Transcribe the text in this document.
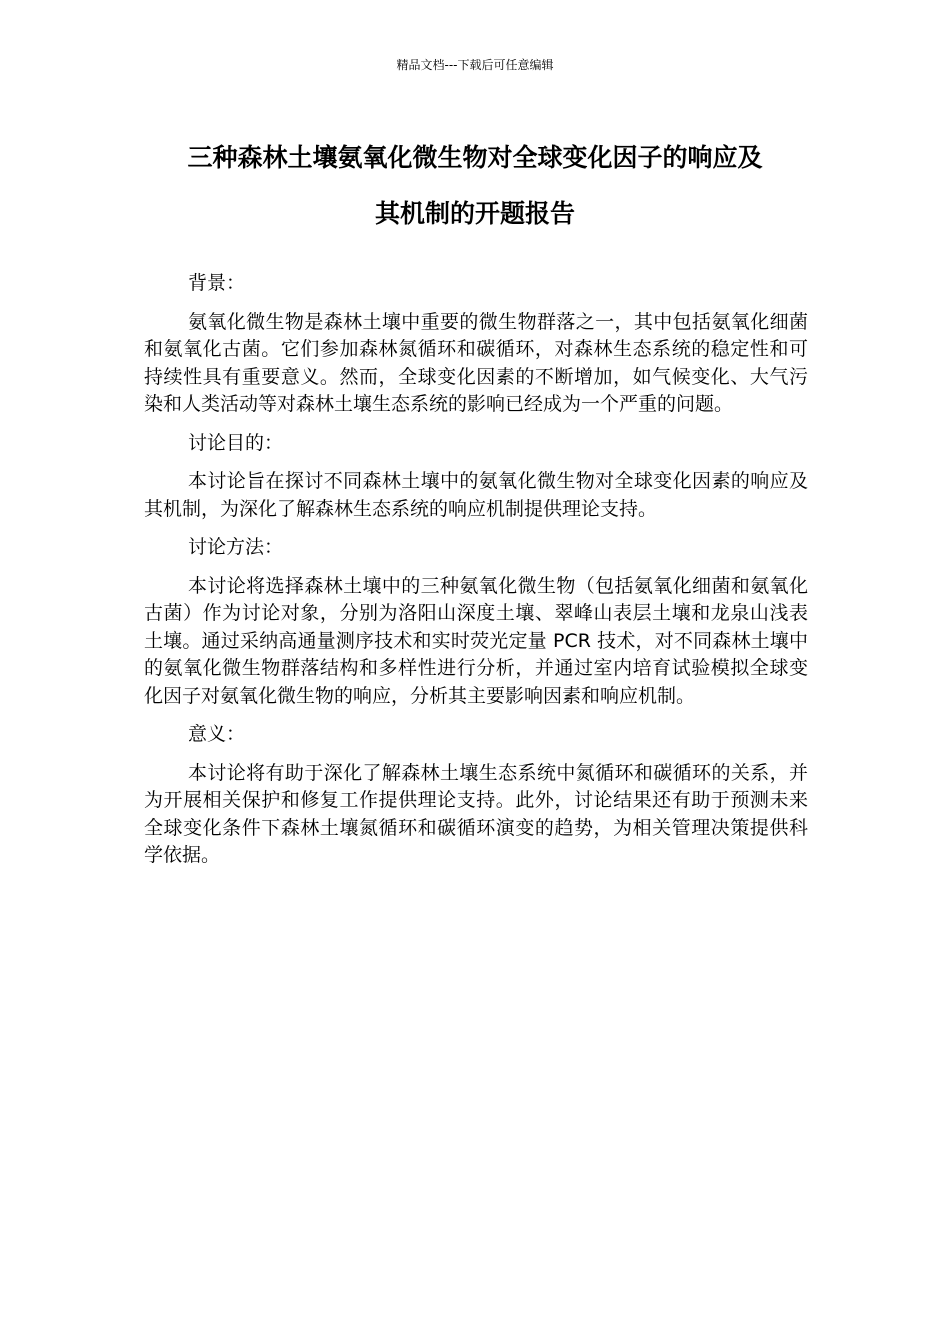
精品文档---下载后可任意编辑
三种森林土壤氨氧化微生物对全球变化因子的响应及
其机制的开题报告

背景：

氨氧化微生物是森林土壤中重要的微生物群落之一，其中包括氨氧化细菌和氨氧化古菌。它们参加森林氮循环和碳循环，对森林生态系统的稳定性和可持续性具有重要意义。然而，全球变化因素的不断增加，如气候变化、大气污染和人类活动等对森林土壤生态系统的影响已经成为一个严重的问题。

讨论目的：

本讨论旨在探讨不同森林土壤中的氨氧化微生物对全球变化因素的响应及其机制，为深化了解森林生态系统的响应机制提供理论支持。

讨论方法：

本讨论将选择森林土壤中的三种氨氧化微生物（包括氨氧化细菌和氨氧化古菌）作为讨论对象，分别为洛阳山深度土壤、翠峰山表层土壤和龙泉山浅表土壤。通过采纳高通量测序技术和实时荧光定量 PCR 技术，对不同森林土壤中的氨氧化微生物群落结构和多样性进行分析，并通过室内培育试验模拟全球变化因子对氨氧化微生物的响应，分析其主要影响因素和响应机制。

意义：

本讨论将有助于深化了解森林土壤生态系统中氮循环和碳循环的关系，并为开展相关保护和修复工作提供理论支持。此外，讨论结果还有助于预测未来全球变化条件下森林土壤氮循环和碳循环演变的趋势，为相关管理决策提供科学依据。
